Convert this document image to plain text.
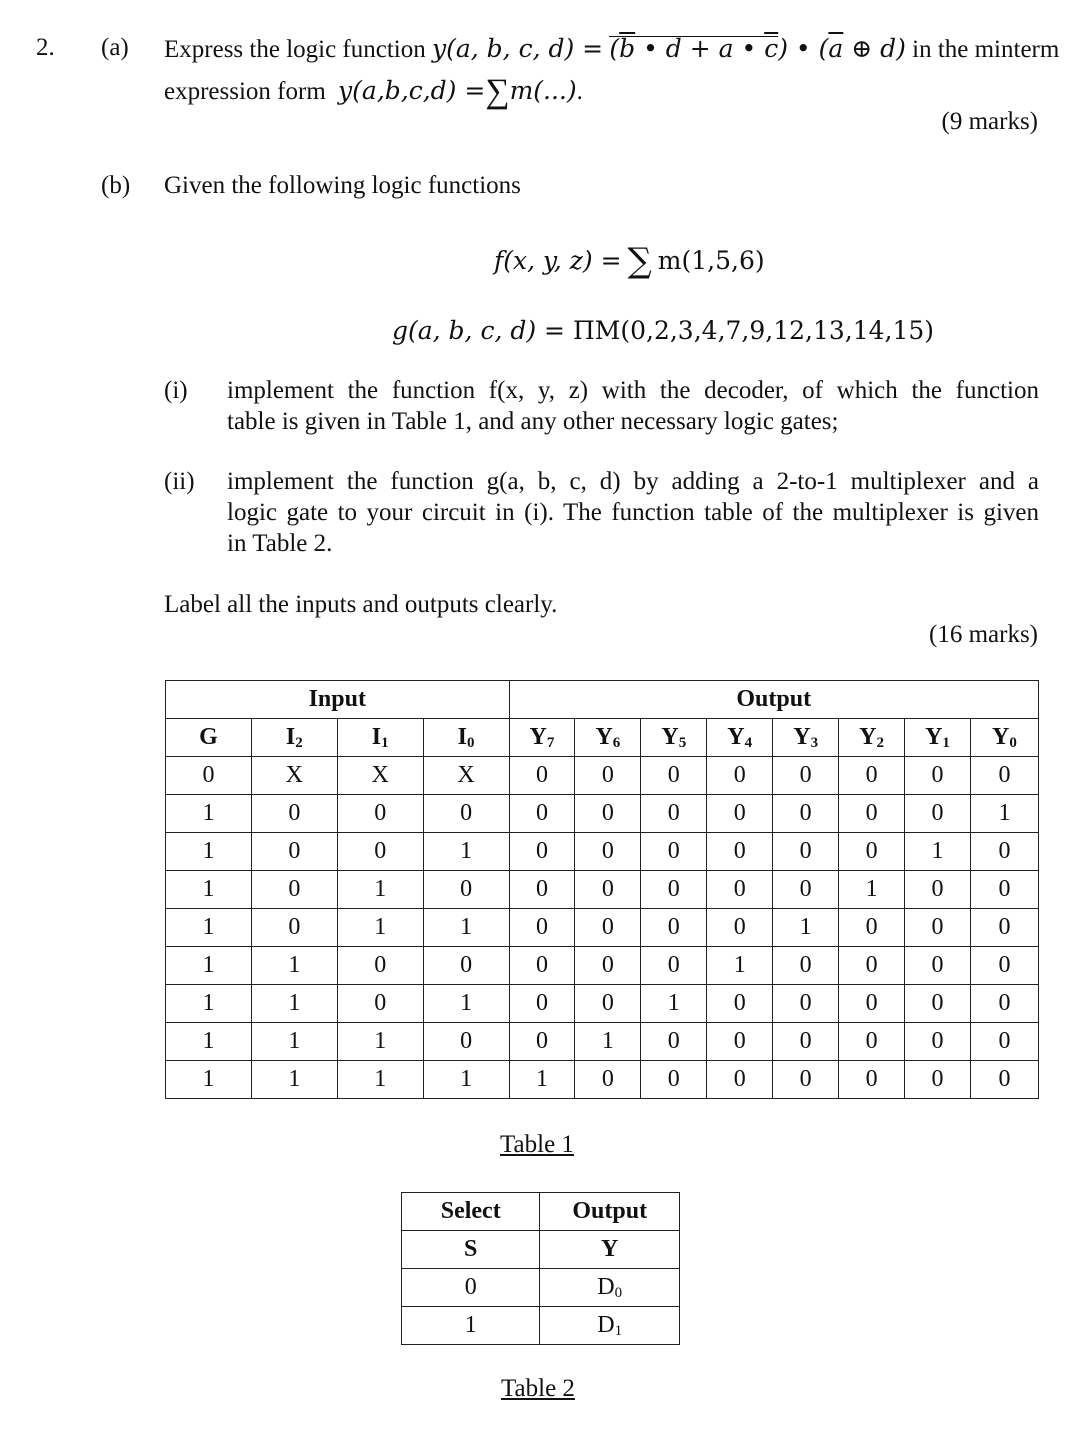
2. (a) Express the logic function y(a, b, c, $d) = (\overline{b}$ • d + a • $\overline{c}$) • ($\overline{a}$ ⊕ d) in the minterm
expression form y(a,b,c,d) =∑m(...).
(9 marks)
(b) Given the following logic functions
f(x, y, z) = ∑ m(1,5,6)
g(a, b, c, d) = ΠM(0,2,3,4,7,9,12,13,14,15)
(i) implement the function f(x, y, z) with the decoder, of which the function
table is given in Table 1, and any other necessary logic gates;
(ii) implement the function g(a, b, c, d) by adding a 2-to-1 multiplexer and a
logic gate to your circuit in (i). The function table of the multiplexer is given
in Table 2.
Label all the inputs and outputs clearly.
(16 marks)
Input				Output							
G	$I_2$	$I_1$	$I_0$	$Y_7$	$Y_6$	$Y_5$	$Y_4$	$Y_3$	$Y_2$	$Y_1$	$Y_0$
0	X	X	X	0	0	0	0	0	0	0	0
1	0	0	0	0	0	0	0	0	0	0	1
1	0	0	1	0	0	0	0	0	0	1	0
1	0	1	0	0	0	0	0	0	1	0	0
1	0	1	1	0	0	0	0	1	0	0	0
1	1	0	0	0	0	0	1	0	0	0	0
1	1	0	1	0	0	1	0	0	0	0	0
1	1	1	0	0	1	0	0	0	0	0	0
1	1	1	1	1	0	0	0	0	0	0	0
Table 1
Select	Output
S	Y
0	$D_0$
1	$D_1$
Table 2
